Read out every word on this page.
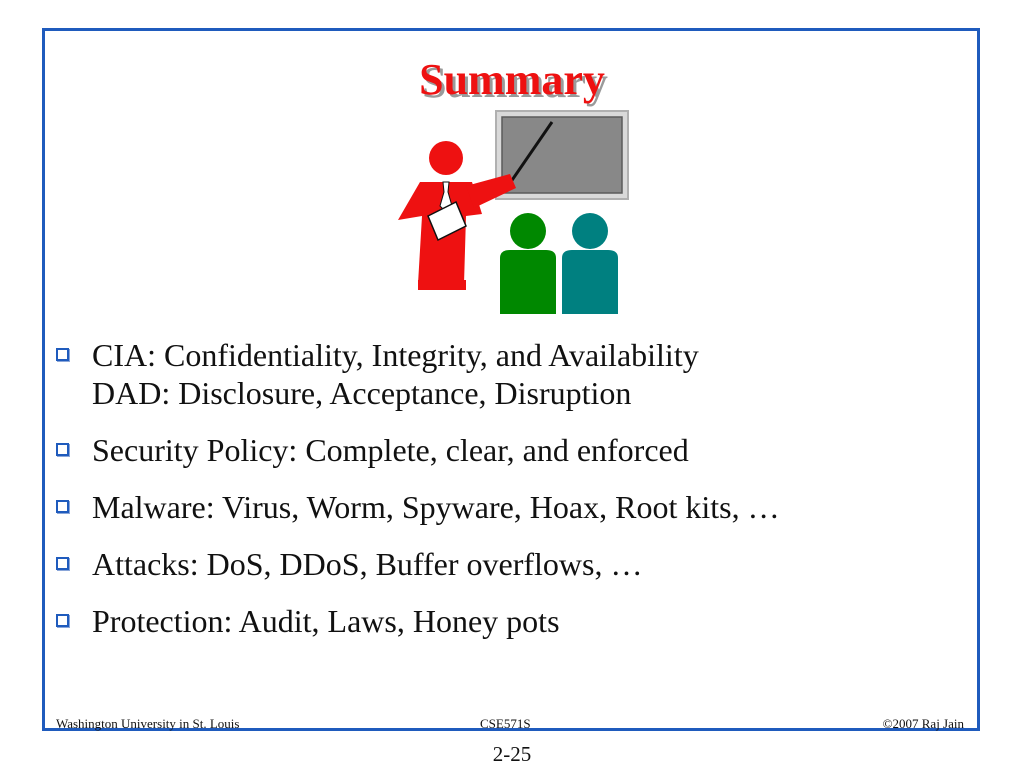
Summary
CIA: Confidentiality, Integrity, and Availability
DAD: Disclosure, Acceptance, Disruption
Security Policy: Complete, clear, and enforced
Malware: Virus, Worm, Spyware, Hoax, Root kits, …
Attacks: DoS, DDoS, Buffer overflows, …
Protection: Audit, Laws, Honey pots
Washington University in St. Louis	CSE571S	©2007 Raj Jain
2-25
